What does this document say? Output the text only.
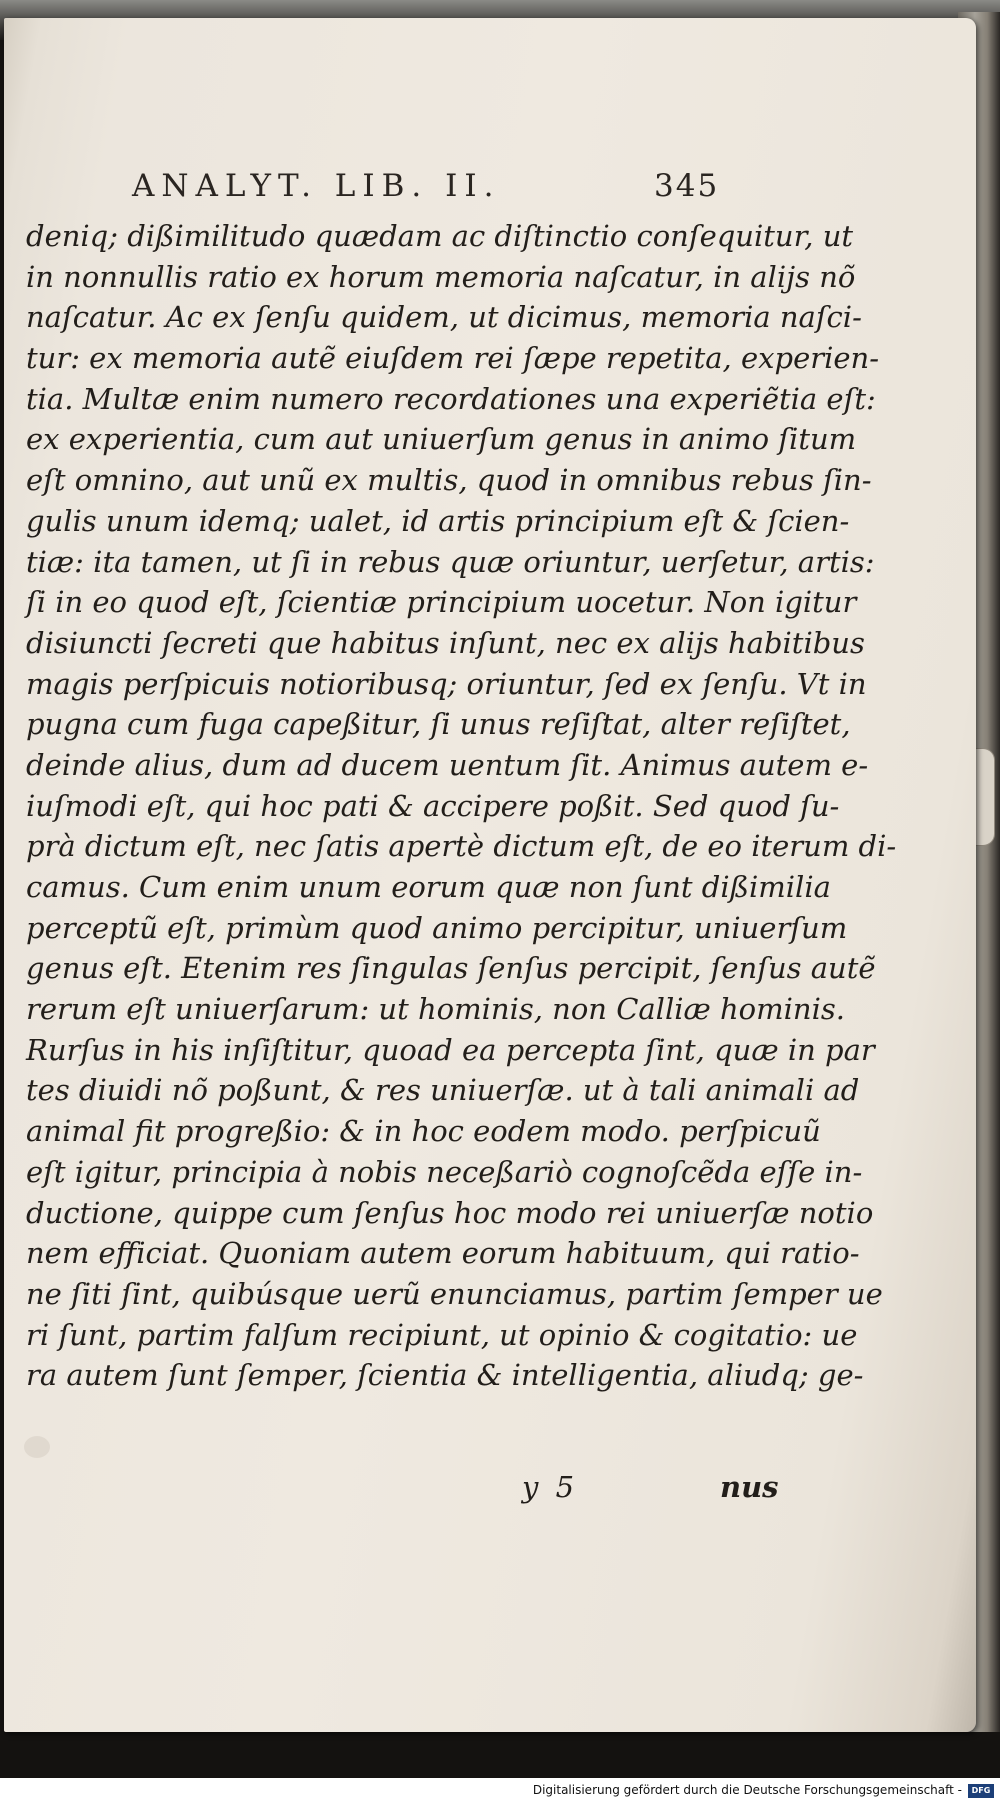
ANALYT. LIB. II.	345
deniq; dißimilitudo quædam ac diſtinctio conſequitur, ut
in nonnullis ratio ex horum memoria naſcatur, in alijs nõ
naſcatur. Ac ex ſenſu quidem, ut dicimus, memoria naſci-
tur: ex memoria autẽ eiuſdem rei ſæpe repetita, experien-
tia. Multæ enim numero recordationes una experiẽtia eſt:
ex experientia, cum aut uniuerſum genus in animo ſitum
eſt omnino, aut unũ ex multis, quod in omnibus rebus ſin-
gulis unum idemq; ualet, id artis principium eſt & ſcien-
tiæ: ita tamen, ut ſi in rebus quæ oriuntur, uerſetur, artis:
ſi in eo quod eſt, ſcientiæ principium uocetur. Non igitur
disiuncti ſecreti que habitus inſunt, nec ex alijs habitibus
magis perſpicuis notioribusq; oriuntur, ſed ex ſenſu. Vt in
pugna cum fuga capeßitur, ſi unus reſiſtat, alter reſiſtet,
deinde alius, dum ad ducem uentum ſit. Animus autem e-
iuſmodi eſt, qui hoc pati & accipere poßit. Sed quod ſu-
prà dictum eſt, nec ſatis apertè dictum eſt, de eo iterum di-
camus. Cum enim unum eorum quæ non ſunt dißimilia
perceptũ eſt, primùm quod animo percipitur, uniuerſum
genus eſt. Etenim res ſingulas ſenſus percipit, ſenſus autẽ
rerum eſt uniuerſarum: ut hominis, non Calliæ hominis.
Rurſus in his inſiſtitur, quoad ea percepta ſint, quæ in par
tes diuidi nõ poßunt, & res uniuerſæ. ut à tali animali ad
animal fit progreßio: & in hoc eodem modo. perſpicuũ
eſt igitur, principia à nobis neceßariò cognoſcẽda eſſe in-
ductione, quippe cum ſenſus hoc modo rei uniuerſæ notio
nem efficiat. Quoniam autem eorum habituum, qui ratio-
ne ſiti ſint, quibúsque uerũ enunciamus, partim ſemper ue
ri ſunt, partim falſum recipiunt, ut opinio & cogitatio: ue
ra autem ſunt ſemper, ſcientia & intelligentia, aliudq; ge-
y 5	nus
Digitalisierung gefördert durch die Deutsche Forschungsgemeinschaft -	DFG
